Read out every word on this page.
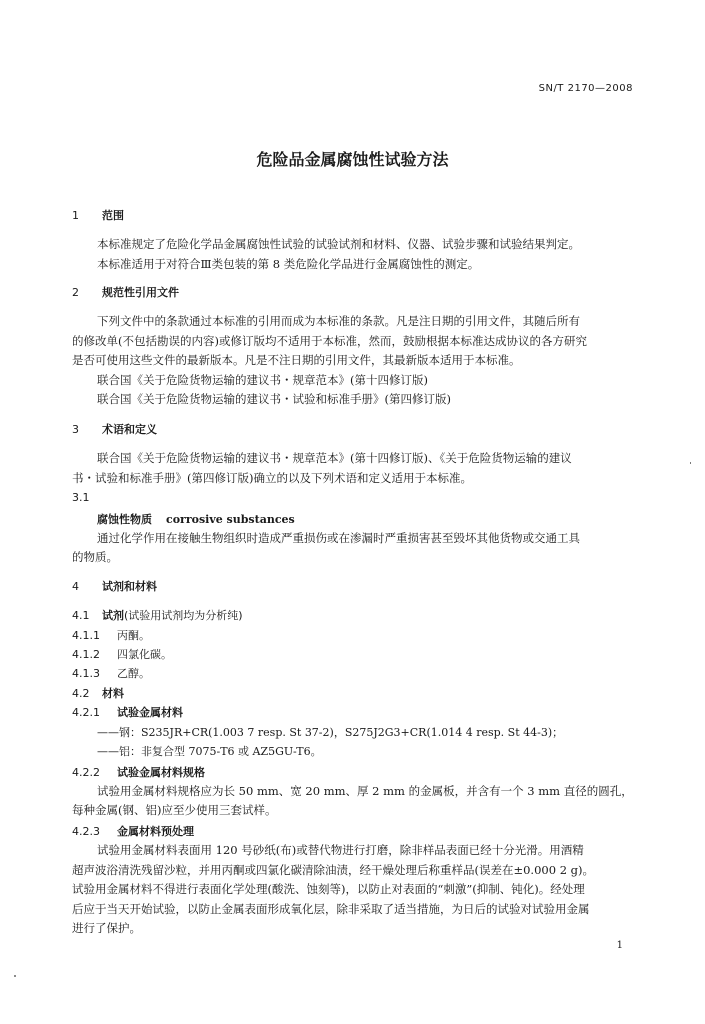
SN/T 2170—2008
危险品金属腐蚀性试验方法
1 范围
本标准规定了危险化学品金属腐蚀性试验的试验试剂和材料、仪器、试验步骤和试验结果判定。
本标准适用于对符合Ⅲ类包装的第 8 类危险化学品进行金属腐蚀性的测定。
2 规范性引用文件
下列文件中的条款通过本标准的引用而成为本标准的条款。凡是注日期的引用文件，其随后所有
的修改单(不包括勘误的内容)或修订版均不适用于本标准，然而，鼓励根据本标准达成协议的各方研究
是否可使用这些文件的最新版本。凡是不注日期的引用文件，其最新版本适用于本标准。
联合国《关于危险货物运输的建议书・规章范本》(第十四修订版)
联合国《关于危险货物运输的建议书・试验和标准手册》(第四修订版)
3 术语和定义
联合国《关于危险货物运输的建议书・规章范本》(第十四修订版)、《关于危险货物运输的建议
书・试验和标准手册》(第四修订版)确立的以及下列术语和定义适用于本标准。
3.1
腐蚀性物质 corrosive substances
通过化学作用在接触生物组织时造成严重损伤或在渗漏时严重损害甚至毁坏其他货物或交通工具
的物质。
4 试剂和材料
4.1 试剂(试验用试剂均为分析纯)
4.1.1 丙酮。
4.1.2 四氯化碳。
4.1.3 乙醇。
4.2 材料
4.2.1 试验金属材料
——钢：S235JR+CR(1.003 7 resp. St 37-2)，S275J2G3+CR(1.014 4 resp. St 44-3)；
——铝：非复合型 7075-T6 或 AZ5GU-T6。
4.2.2 试验金属材料规格
试验用金属材料规格应为长 50 mm、宽 20 mm、厚 2 mm 的金属板，并含有一个 3 mm 直径的圆孔，
每种金属(钢、铝)应至少使用三套试样。
4.2.3 金属材料预处理
试验用金属材料表面用 120 号砂纸(布)或替代物进行打磨，除非样品表面已经十分光滑。用酒精
超声波浴清洗残留沙粒，并用丙酮或四氯化碳清除油渍，经干燥处理后称重样品(误差在±0.000 2 g)。
试验用金属材料不得进行表面化学处理(酸洗、蚀刻等)，以防止对表面的“刺激”(抑制、钝化)。经处理
后应于当天开始试验，以防止金属表面形成氧化层，除非采取了适当措施，为日后的试验对试验用金属
进行了保护。
1
